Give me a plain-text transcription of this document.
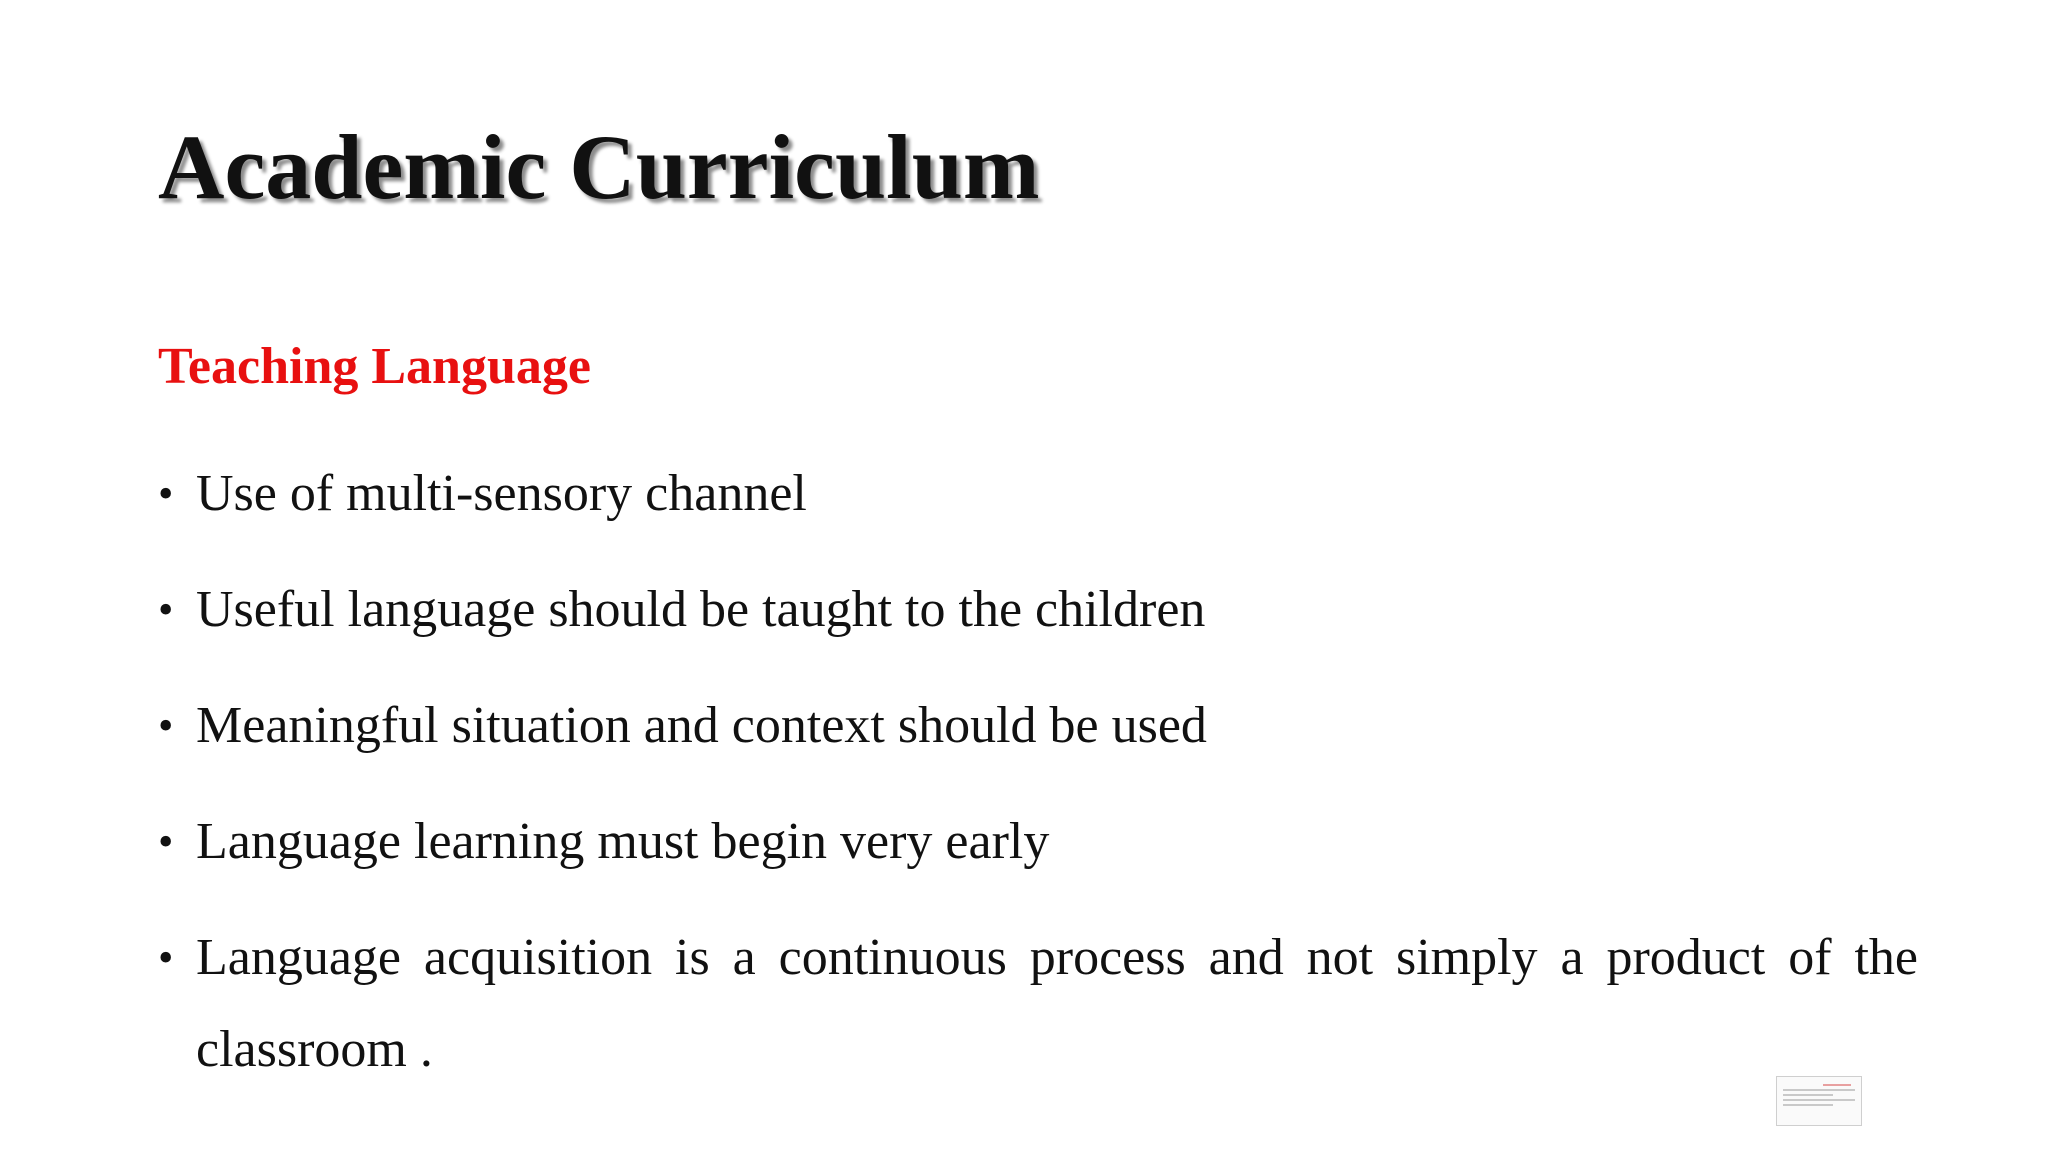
Academic Curriculum
Teaching Language
• Use of multi-sensory channel
• Useful language should be taught to the children
• Meaningful situation and context should be used
• Language learning must begin very early
• Language acquisition is a continuous process and not simply a product of the classroom .
